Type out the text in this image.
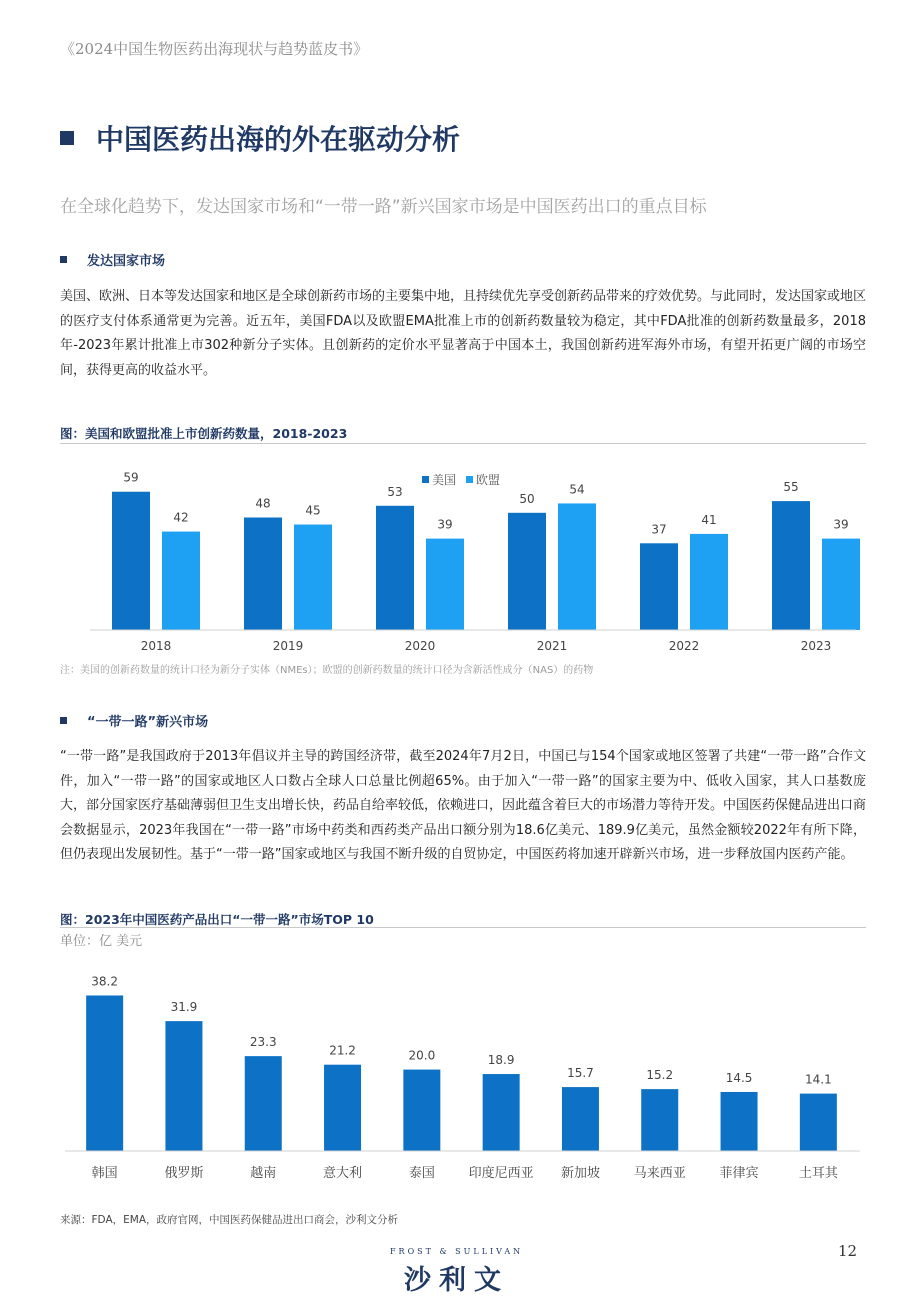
《2024中国生物医药出海现状与趋势蓝皮书》
中国医药出海的外在驱动分析
在全球化趋势下，发达国家市场和“一带一路”新兴国家市场是中国医药出口的重点目标
发达国家市场
美国、欧洲、日本等发达国家和地区是全球创新药市场的主要集中地，且持续优先享受创新药品带来的疗效优势。与此同时，发达国家或地区的医疗支付体系通常更为完善。近五年，美国FDA以及欧盟EMA批准上市的创新药数量较为稳定，其中FDA批准的创新药数量最多，2018年-2023年累计批准上市302种新分子实体。且创新药的定价水平显著高于中国本土，我国创新药进军海外市场，有望开拓更广阔的市场空间，获得更高的收益水平。
图：美国和欧盟批准上市创新药数量，2018-2023
美国 欧盟
59
42
2018
48
45
2019
53
39
2020
50
54
2021
37
41
2022
55
39
2023
注：美国的创新药数量的统计口径为新分子实体（NMEs）；欧盟的创新药数量的统计口径为含新活性成分（NAS）的药物
“一带一路”新兴市场
“一带一路”是我国政府于2013年倡议并主导的跨国经济带，截至2024年7月2日，中国已与154个国家或地区签署了共建“一带一路”合作文件，加入“一带一路”的国家或地区人口数占全球人口总量比例超65%。由于加入“一带一路”的国家主要为中、低收入国家，其人口基数庞大，部分国家医疗基础薄弱但卫生支出增长快，药品自给率较低，依赖进口，因此蕴含着巨大的市场潜力等待开发。中国医药保健品进出口商会数据显示，2023年我国在“一带一路”市场中药类和西药类产品出口额分别为18.6亿美元、189.9亿美元，虽然金额较2022年有所下降，但仍表现出发展韧性。基于“一带一路”国家或地区与我国不断升级的自贸协定，中国医药将加速开辟新兴市场，进一步释放国内医药产能。
图：2023年中国医药产品出口“一带一路”市场TOP 10
单位：亿 美元
38.2
韩国
31.9
俄罗斯
23.3
越南
21.2
意大利
20.0
泰国
18.9
印度尼西亚
15.7
新加坡
15.2
马来西亚
14.5
菲律宾
14.1
土耳其
来源：FDA，EMA，政府官网，中国医药保健品进出口商会，沙利文分析
FROST & SULLIVAN
沙利文
12
